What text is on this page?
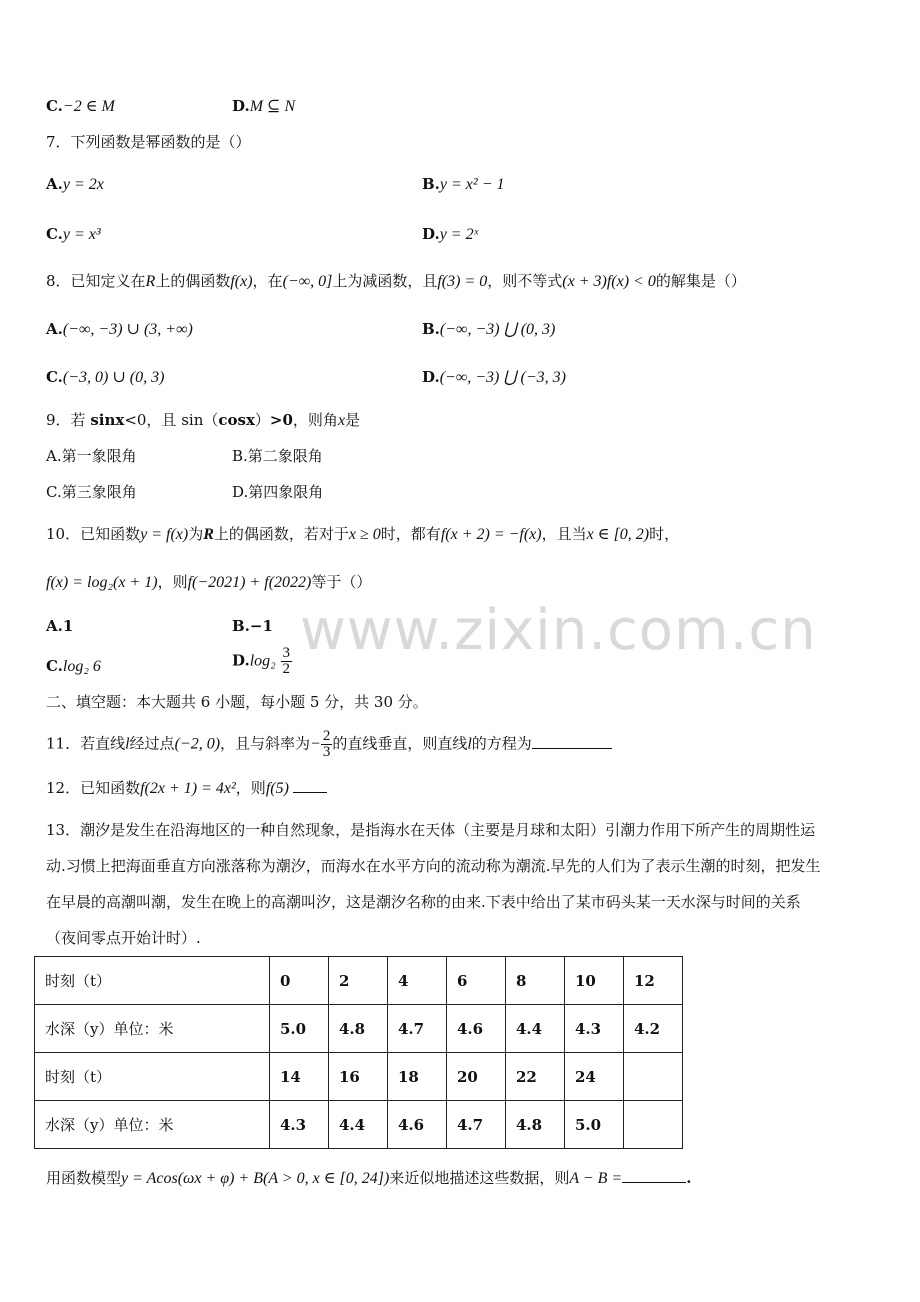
www.zixin.com.cn
C.−2 ∈ M	D.M ⊆ N
7．下列函数是幂函数的是（）
A.y = 2x	B.y = x² − 1
C.y = x³	D.y = 2ˣ
8．已知定义在R上的偶函数f(x)，在(−∞, 0]上为减函数，且f(3) = 0，则不等式(x + 3)f(x) < 0的解集是（）
A.(−∞, −3) ∪ (3, +∞)	B.(−∞, −3) ⋃ (0, 3)
C.(−3, 0) ∪ (0, 3)	D.(−∞, −3) ⋃ (−3, 3)
9．若 sinx<0，且 sin（cosx）>0，则角x是
A.第一象限角	B.第二象限角
C.第三象限角	D.第四象限角
10．已知函数y = f(x)为R上的偶函数，若对于x ≥ 0时，都有f(x + 2) = −f(x)，且当x ∈ [0, 2)时，
f(x) = log₂(x + 1)，则f(−2021) + f(2022)等于（）
A.1	B.−1
C.log₂ 6	$D.\log_2 \frac{3}{2}$
二、填空题：本大题共 6 小题，每小题 5 分，共 30 分。
11．若直线l经过点(−2, 0)，且与斜率为− $\frac{2}{3}$ 的直线垂直，则直线l的方程为
12．已知函数f(2x + 1) = 4x²，则f(5)
13．潮汐是发生在沿海地区的一种自然现象，是指海水在天体（主要是月球和太阳）引潮力作用下所产生的周期性运
动.习惯上把海面垂直方向涨落称为潮汐，而海水在水平方向的流动称为潮流.早先的人们为了表示生潮的时刻，把发生
在早晨的高潮叫潮，发生在晚上的高潮叫汐，这是潮汐名称的由来.下表中给出了某市码头某一天水深与时间的关系
（夜间零点开始计时）.
时刻（t）	0	2	4	6	8	10	12
水深（y）单位：米	5.0	4.8	4.7	4.6	4.4	4.3	4.2
时刻（t）	14	16	18	20	22	24	
水深（y）单位：米	4.3	4.4	4.6	4.7	4.8	5.0	
用函数模型y = Acos(ωx + φ) + B(A > 0, x ∈ [0, 24])来近似地描述这些数据，则A − B =	.
